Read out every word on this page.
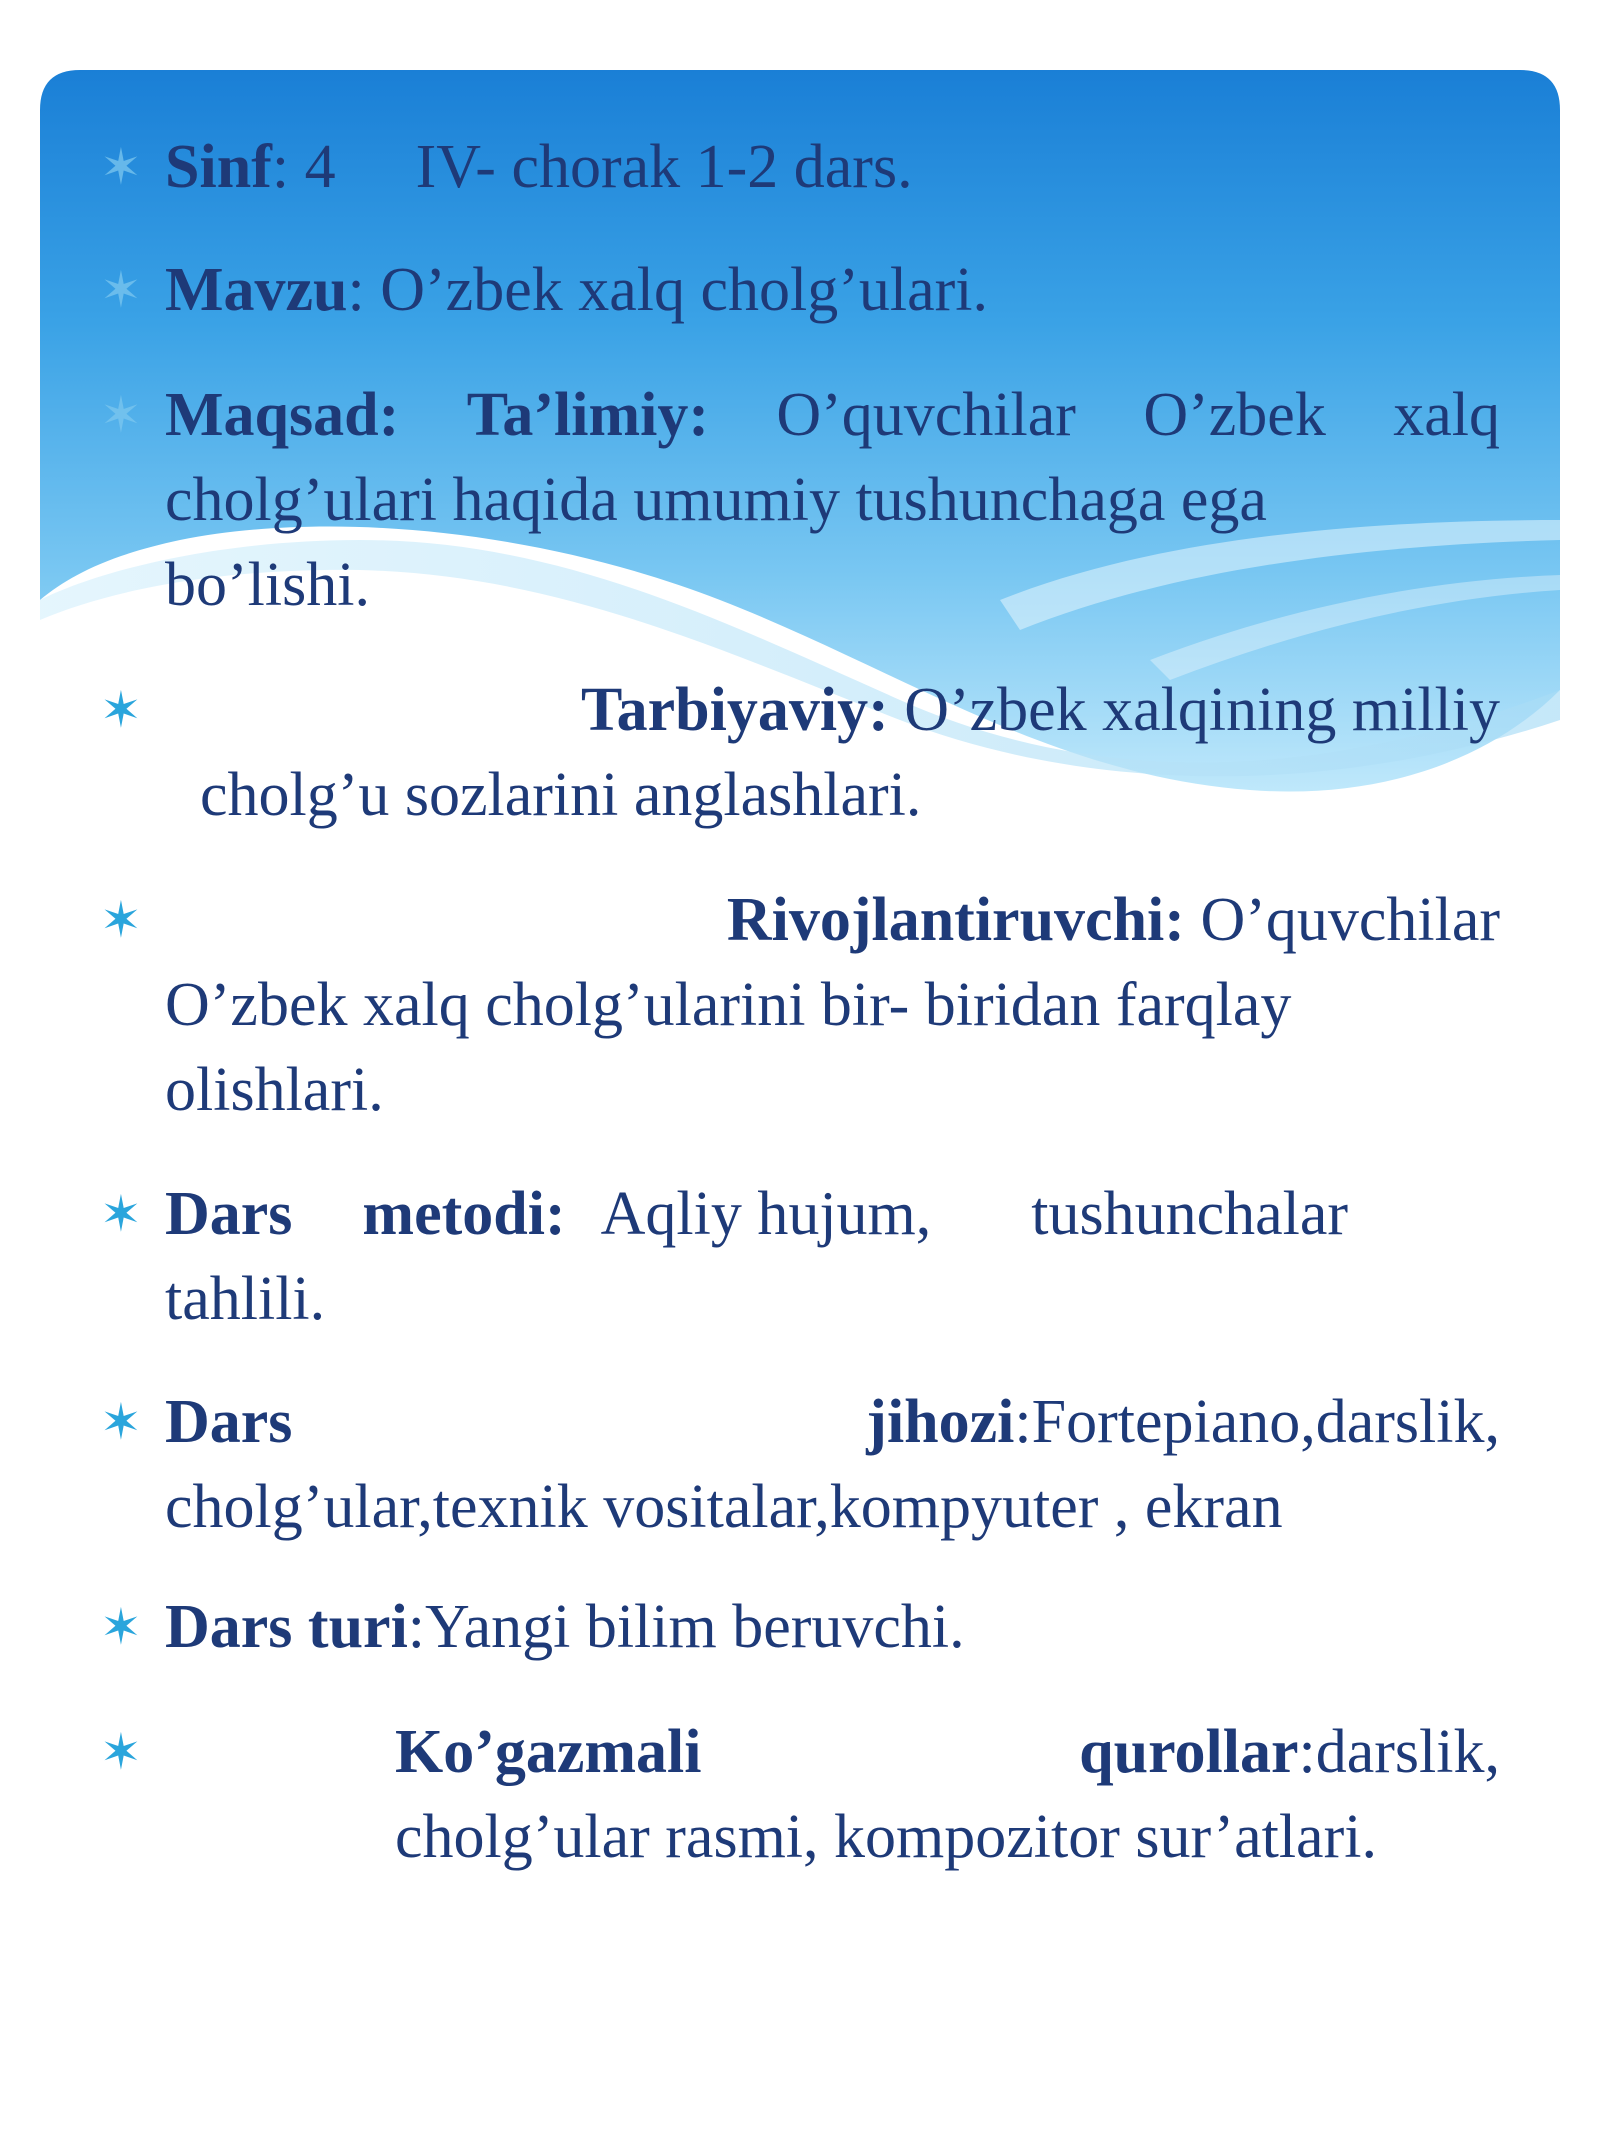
✶ Sinf: 4 IV- chorak 1-2 dars.
✶ Mavzu: O’zbek xalq cholg’ulari.
✶ Maqsad: Ta’limiy: O’quvchilar O’zbek xalq
cholg’ulari haqida umumiy tushunchaga ega
bo’lishi.
✶	Tarbiyaviy: O’zbek xalqining milliy
cholg’u sozlarini anglashlari.
✶	Rivojlantiruvchi: O’quvchilar
O’zbek xalq cholg’ularini bir- biridan farqlay
olishlari.
✶ Dars metodi: Aqliy hujum, tushunchalar
tahlili.
✶ Dars	jihozi:Fortepiano,darslik,
cholg’ular,texnik vositalar,kompyuter , ekran
✶ Dars turi:Yangi bilim beruvchi.
✶	Ko’gazmali	qurollar:darslik,
cholg’ular rasmi, kompozitor sur’atlari.
